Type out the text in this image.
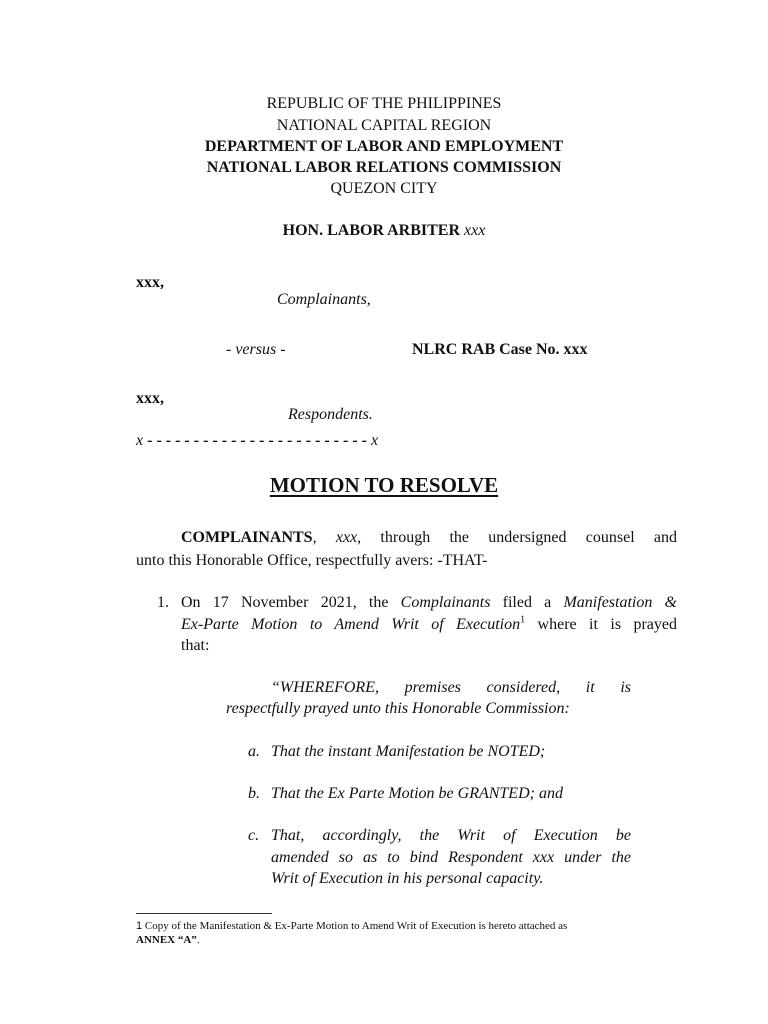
REPUBLIC OF THE PHILIPPINES
NATIONAL CAPITAL REGION
DEPARTMENT OF LABOR AND EMPLOYMENT
NATIONAL LABOR RELATIONS COMMISSION
QUEZON CITY
HON. LABOR ARBITER xxx
xxx,
Complainants,
- versus -	NLRC RAB Case No. xxx
xxx,
Respondents.
x - - - - - - - - - - - - - - - - - - - - - - - - x
MOTION TO RESOLVE
COMPLAINANTS, xxx, through the undersigned counsel and
unto this Honorable Office, respectfully avers: -THAT-
1. On 17 November 2021, the Complainants filed a Manifestation &
Ex-Parte Motion to Amend Writ of Execution$^1$ where it is prayed
that:
“WHEREFORE, premises considered, it is
respectfully prayed unto this Honorable Commission:
a. That the instant Manifestation be NOTED;
b. That the Ex Parte Motion be GRANTED; and
c. That, accordingly, the Writ of Execution be
amended so as to bind Respondent xxx under the
Writ of Execution in his personal capacity.
1 Copy of the Manifestation & Ex-Parte Motion to Amend Writ of Execution is hereto attached as
ANNEX “A”.
